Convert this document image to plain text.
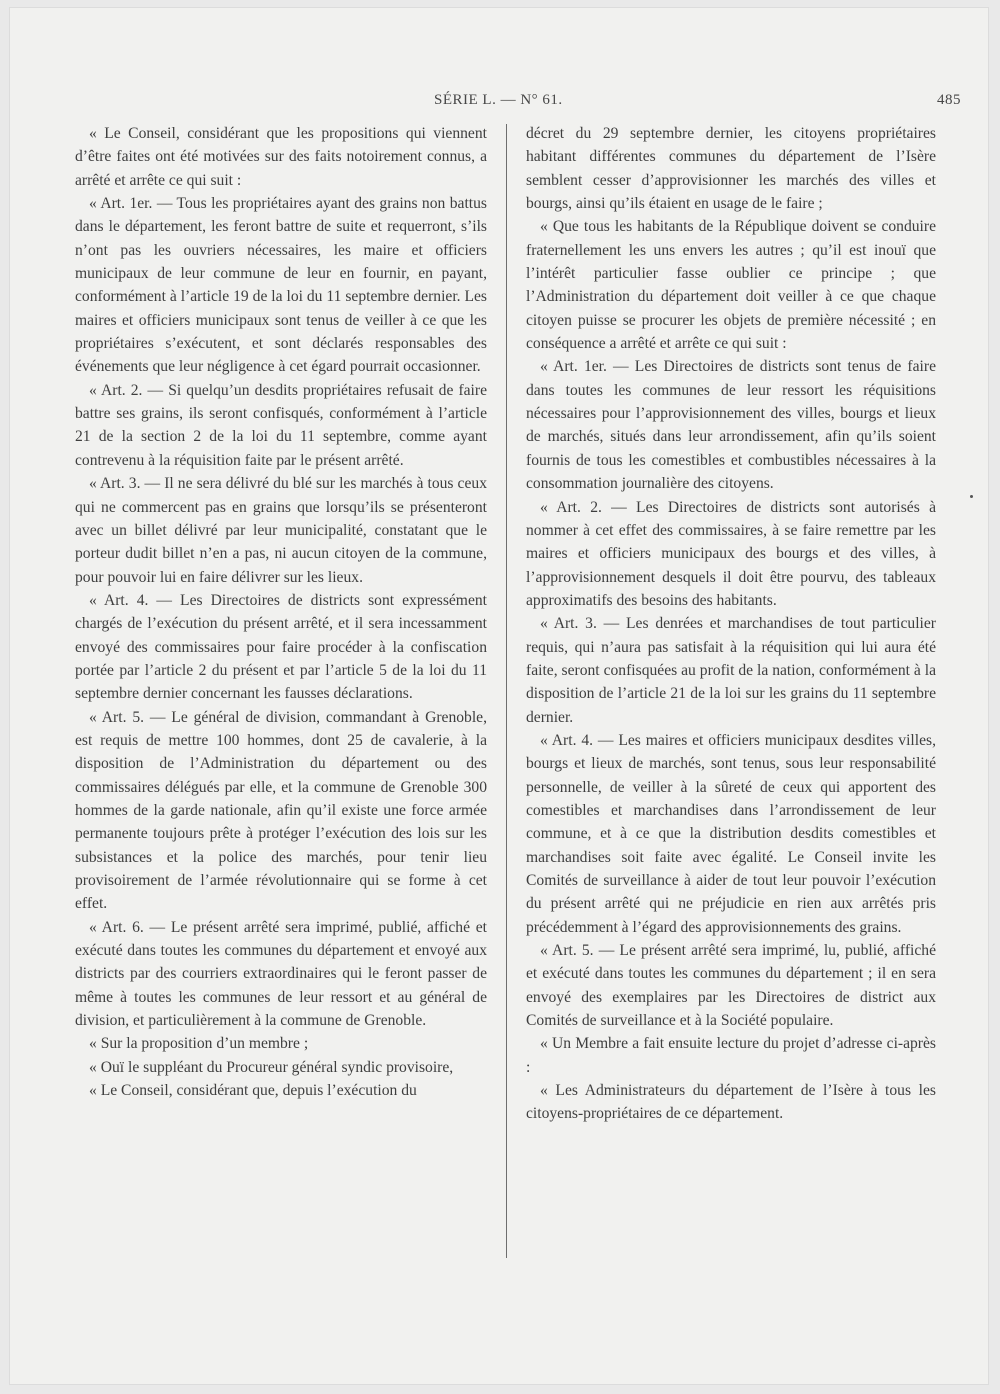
SÉRIE L. — N° 61.	485

« Le Conseil, considérant que les propositions qui viennent d’être faites ont été motivées sur des faits notoirement connus, a arrêté et arrête ce qui suit :

« Art. 1er. — Tous les propriétaires ayant des grains non battus dans le département, les feront battre de suite et requerront, s’ils n’ont pas les ouvriers nécessaires, les maire et officiers municipaux de leur commune de leur en fournir, en payant, conformément à l’article 19 de la loi du 11 septembre dernier. Les maires et officiers municipaux sont tenus de veiller à ce que les propriétaires s’exécutent, et sont déclarés responsables des événements que leur négligence à cet égard pourrait occasionner.

« Art. 2. — Si quelqu’un desdits propriétaires refusait de faire battre ses grains, ils seront confisqués, conformément à l’article 21 de la section 2 de la loi du 11 septembre, comme ayant contrevenu à la réquisition faite par le présent arrêté.

« Art. 3. — Il ne sera délivré du blé sur les marchés à tous ceux qui ne commercent pas en grains que lorsqu’ils se présenteront avec un billet délivré par leur municipalité, constatant que le porteur dudit billet n’en a pas, ni aucun citoyen de la commune, pour pouvoir lui en faire délivrer sur les lieux.

« Art. 4. — Les Directoires de districts sont expressément chargés de l’exécution du présent arrêté, et il sera incessamment envoyé des commissaires pour faire procéder à la confiscation portée par l’article 2 du présent et par l’article 5 de la loi du 11 septembre dernier concernant les fausses déclarations.

« Art. 5. — Le général de division, commandant à Grenoble, est requis de mettre 100 hommes, dont 25 de cavalerie, à la disposition de l’Administration du département ou des commissaires délégués par elle, et la commune de Grenoble 300 hommes de la garde nationale, afin qu’il existe une force armée permanente toujours prête à protéger l’exécution des lois sur les subsistances et la police des marchés, pour tenir lieu provisoirement de l’armée révolutionnaire qui se forme à cet effet.

« Art. 6. — Le présent arrêté sera imprimé, publié, affiché et exécuté dans toutes les communes du département et envoyé aux districts par des courriers extraordinaires qui le feront passer de même à toutes les communes de leur ressort et au général de division, et particulièrement à la commune de Grenoble.

« Sur la proposition d’un membre ;

« Ouï le suppléant du Procureur général syndic provisoire,

« Le Conseil, considérant que, depuis l’exécution du

décret du 29 septembre dernier, les citoyens propriétaires habitant différentes communes du département de l’Isère semblent cesser d’approvisionner les marchés des villes et bourgs, ainsi qu’ils étaient en usage de le faire ;

« Que tous les habitants de la République doivent se conduire fraternellement les uns envers les autres ; qu’il est inouï que l’intérêt particulier fasse oublier ce principe ; que l’Administration du département doit veiller à ce que chaque citoyen puisse se procurer les objets de première nécessité ; en conséquence a arrêté et arrête ce qui suit :

« Art. 1er. — Les Directoires de districts sont tenus de faire dans toutes les communes de leur ressort les réquisitions nécessaires pour l’approvisionnement des villes, bourgs et lieux de marchés, situés dans leur arrondissement, afin qu’ils soient fournis de tous les comestibles et combustibles nécessaires à la consommation journalière des citoyens.

« Art. 2. — Les Directoires de districts sont autorisés à nommer à cet effet des commissaires, à se faire remettre par les maires et officiers municipaux des bourgs et des villes, à l’approvisionnement desquels il doit être pourvu, des tableaux approximatifs des besoins des habitants.

« Art. 3. — Les denrées et marchandises de tout particulier requis, qui n’aura pas satisfait à la réquisition qui lui aura été faite, seront confisquées au profit de la nation, conformément à la disposition de l’article 21 de la loi sur les grains du 11 septembre dernier.

« Art. 4. — Les maires et officiers municipaux desdites villes, bourgs et lieux de marchés, sont tenus, sous leur responsabilité personnelle, de veiller à la sûreté de ceux qui apportent des comestibles et marchandises dans l’arrondissement de leur commune, et à ce que la distribution desdits comestibles et marchandises soit faite avec égalité. Le Conseil invite les Comités de surveillance à aider de tout leur pouvoir l’exécution du présent arrêté qui ne préjudicie en rien aux arrêtés pris précédemment à l’égard des approvisionnements des grains.

« Art. 5. — Le présent arrêté sera imprimé, lu, publié, affiché et exécuté dans toutes les communes du département ; il en sera envoyé des exemplaires par les Directoires de district aux Comités de surveillance et à la Société populaire.

« Un Membre a fait ensuite lecture du projet d’adresse ci-après :

« Les Administrateurs du département de l’Isère à tous les citoyens-propriétaires de ce département.
